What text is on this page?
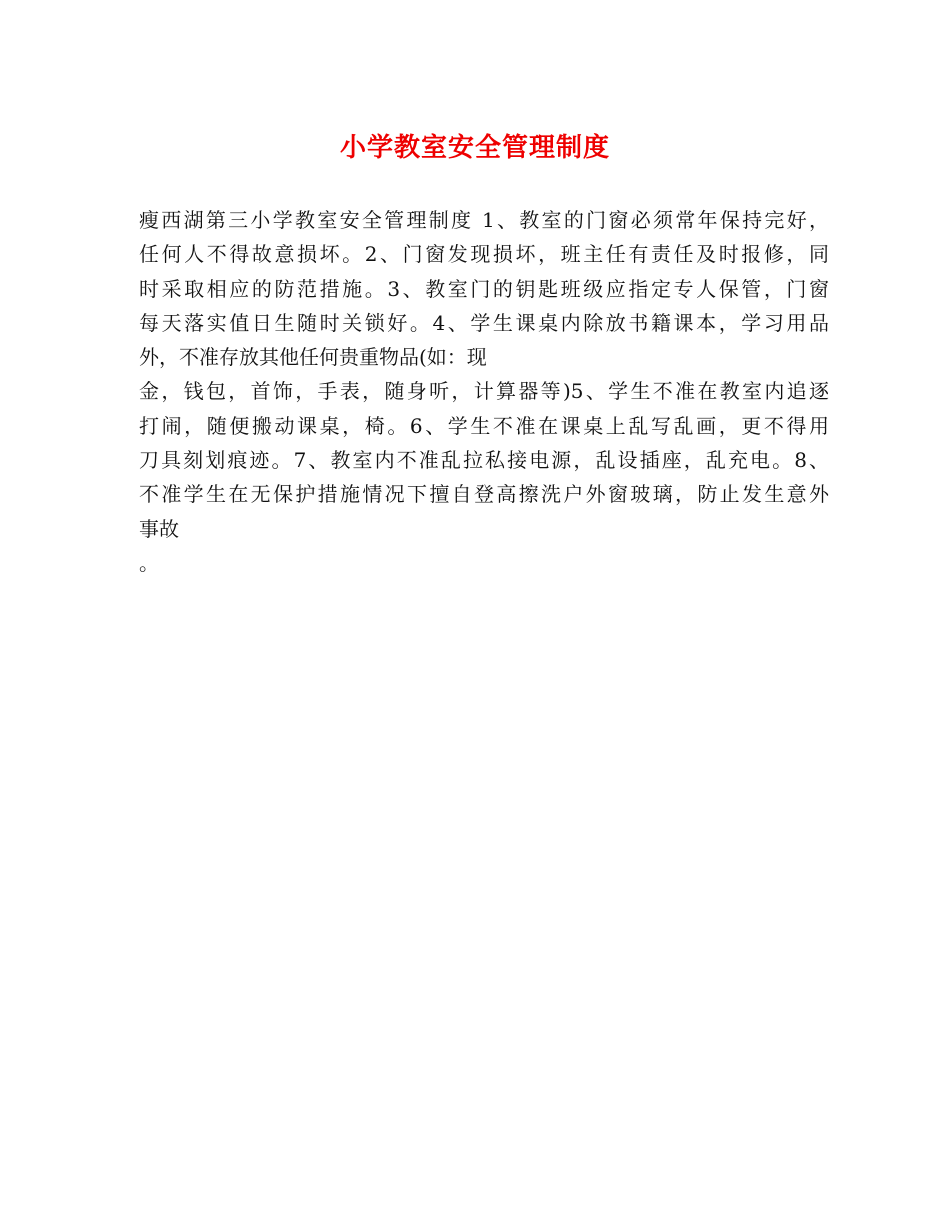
小学教室安全管理制度
瘦西湖第三小学教室安全管理制度 1、教室的门窗必须常年保持完好，
任何人不得故意损坏。2、门窗发现损坏，班主任有责任及时报修，同
时采取相应的防范措施。3、教室门的钥匙班级应指定专人保管，门窗
每天落实值日生随时关锁好。4、学生课桌内除放书籍课本，学习用品
外，不准存放其他任何贵重物品(如：现
金，钱包，首饰，手表，随身听，计算器等)5、学生不准在教室内追逐
打闹，随便搬动课桌，椅。6、学生不准在课桌上乱写乱画，更不得用
刀具刻划痕迹。7、教室内不准乱拉私接电源，乱设插座，乱充电。8、
不准学生在无保护措施情况下擅自登高擦洗户外窗玻璃，防止发生意外
事故
。
